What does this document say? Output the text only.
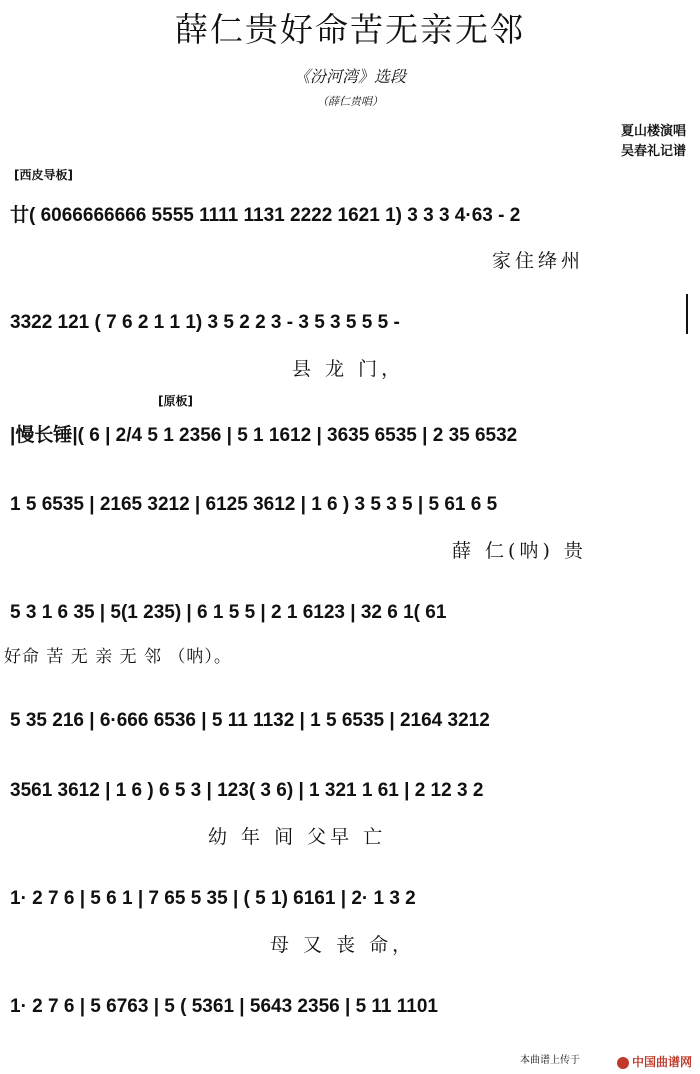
薛仁贵好命苦无亲无邻
《汾河湾》选段
（薛仁贵唱）
夏山楼演唱
吴春礼记谱
[西皮导板]
廿( 6066666666 5555 1111 1131 2222 1621 1) 3 3 3 4·63 - 2
家住绛州
3322 121 ( 7 6 2 1 1 1) 3 5 2 2 3 - 3 5 3 5 5 5 -
县 龙 门，
[原板]
|慢长锤|( 6 | 2/4 5 1 2356 | 5 1 1612 | 3635 6535 | 2 35 6532
1 5 6535 | 2165 3212 | 6125 3612 | 1 6 ) 3 5 3 5 | 5 61 6 5
薛 仁(呐) 贵
5 3 1 6 35 | 5(1 235) | 6 1 5 5 | 2 1 6123 | 32 6 1( 61
好命 苦 无 亲 无 邻 （呐）。
5 35 216 | 6·666 6536 | 5 11 1132 | 1 5 6535 | 2164 3212
3561 3612 | 1 6 ) 6 5 3 | 123( 3 6) | 1 321 1 61 | 2 12 3 2
幼 年 间 父早 亡
1· 2 7 6 | 5 6 1 | 7 65 5 35 | ( 5 1) 6161 | 2· 1 3 2
母 又 丧 命，
1· 2 7 6 | 5 6763 | 5 ( 5361 | 5643 2356 | 5 11 1101
本曲谱上传于	中国曲谱网
